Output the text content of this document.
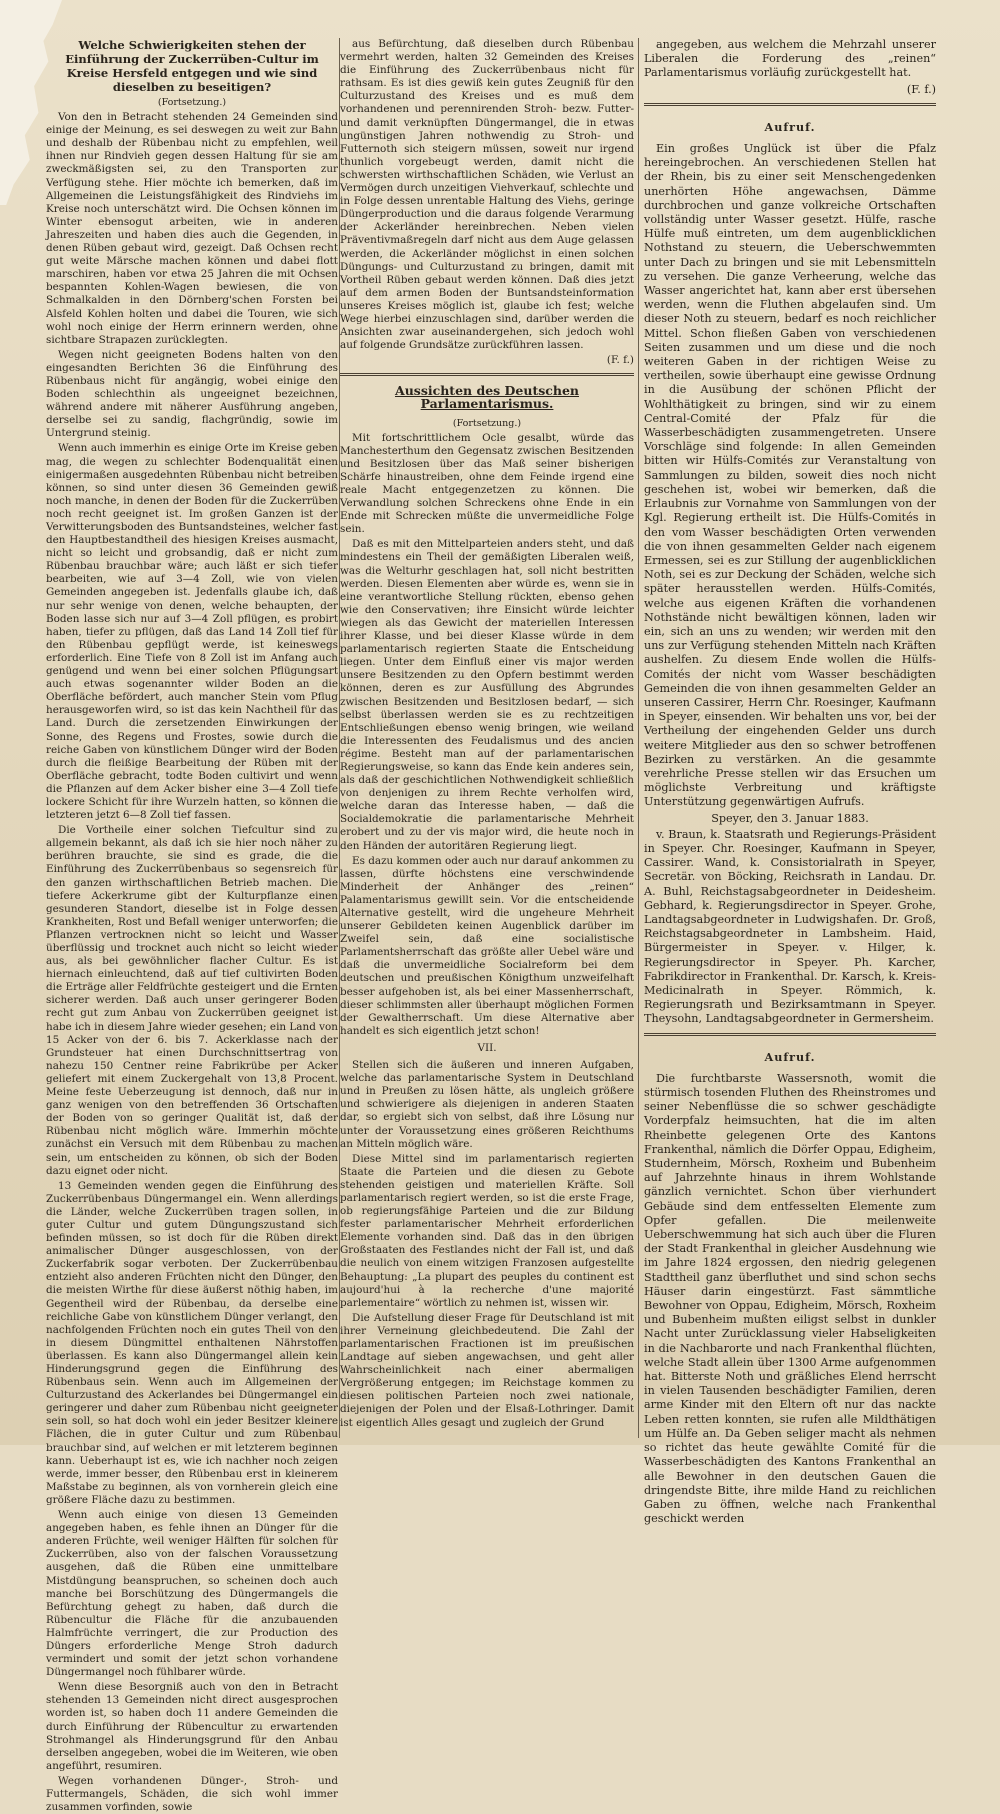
Welche Schwierigkeiten stehen der Einführung der Zuckerrüben-Cultur im Kreise Hersfeld entgegen und wie sind dieselben zu beseitigen?

(Fortsetzung.)

Von den in Betracht stehenden 24 Gemeinden sind einige der Meinung, es sei deswegen zu weit zur Bahn und deshalb der Rübenbau nicht zu empfehlen, weil ihnen nur Rindvieh gegen dessen Haltung für sie am zweckmäßigsten sei, zu den Transporten zur Verfügung stehe. Hier möchte ich bemerken, daß im Allgemeinen die Leistungsfähigkeit des Rindviehs im Kreise noch unterschätzt wird. Die Ochsen können im Winter ebensogut arbeiten, wie in anderen Jahreszeiten und haben dies auch die Gegenden, in denen Rüben gebaut wird, gezeigt. Daß Ochsen recht gut weite Märsche machen können und dabei flott marschiren, haben vor etwa 25 Jahren die mit Ochsen bespannten Kohlen-Wagen bewiesen, die von Schmalkalden in den Dörnberg'schen Forsten bei Alsfeld Kohlen holten und dabei die Touren, wie sich wohl noch einige der Herrn erinnern werden, ohne sichtbare Strapazen zurücklegten.

Wegen nicht geeigneten Bodens halten von den eingesandten Berichten 36 die Einführung des Rübenbaus nicht für angängig, wobei einige den Boden schlechthin als ungeeignet bezeichnen, während andere mit näherer Ausführung angeben, derselbe sei zu sandig, flachgründig, sowie im Untergrund steinig.

Wenn auch immerhin es einige Orte im Kreise geben mag, die wegen zu schlechter Bodenqualität einen einigermaßen ausgedehnten Rübenbau nicht betreiben können, so sind unter diesen 36 Gemeinden gewiß noch manche, in denen der Boden für die Zuckerrüben noch recht geeignet ist. Im großen Ganzen ist der Verwitterungsboden des Buntsandsteines, welcher fast den Hauptbestandtheil des hiesigen Kreises ausmacht, nicht so leicht und grobsandig, daß er nicht zum Rübenbau brauchbar wäre; auch läßt er sich tiefer bearbeiten, wie auf 3—4 Zoll, wie von vielen Gemeinden angegeben ist. Jedenfalls glaube ich, daß nur sehr wenige von denen, welche behaupten, der Boden lasse sich nur auf 3—4 Zoll pflügen, es probirt haben, tiefer zu pflügen, daß das Land 14 Zoll tief für den Rübenbau gepflügt werde, ist keineswegs erforderlich. Eine Tiefe von 8 Zoll ist im Anfang auch genügend und wenn bei einer solchen Pflügungsart auch etwas sogenannter wilder Boden an die Oberfläche befördert, auch mancher Stein vom Pflug herausgeworfen wird, so ist das kein Nachtheil für das Land. Durch die zersetzenden Einwirkungen der Sonne, des Regens und Frostes, sowie durch die reiche Gaben von künstlichem Dünger wird der Boden durch die fleißige Bearbeitung der Rüben mit der Oberfläche gebracht, todte Boden cultivirt und wenn die Pflanzen auf dem Acker bisher eine 3—4 Zoll tiefe lockere Schicht für ihre Wurzeln hatten, so können die letzteren jetzt 6—8 Zoll tief fassen.

Die Vortheile einer solchen Tiefcultur sind zu allgemein bekannt, als daß ich sie hier noch näher zu berühren brauchte, sie sind es grade, die die Einführung des Zuckerrübenbaus so segensreich für den ganzen wirthschaftlichen Betrieb machen. Die tiefere Ackerkrume gibt der Kulturpflanze einen gesunderen Standort, dieselbe ist in Folge dessen Krankheiten, Rost und Befall weniger unterworfen; die Pflanzen vertrocknen nicht so leicht und Wasser überflüssig und trocknet auch nicht so leicht wieder aus, als bei gewöhnlicher flacher Cultur. Es ist hiernach einleuchtend, daß auf tief cultivirten Boden die Erträge aller Feldfrüchte gesteigert und die Ernten sicherer werden. Daß auch unser geringerer Boden recht gut zum Anbau von Zuckerrüben geeignet ist habe ich in diesem Jahre wieder gesehen; ein Land von 15 Acker von der 6. bis 7. Ackerklasse nach der Grundsteuer hat einen Durchschnittsertrag von nahezu 150 Centner reine Fabrikrübe per Acker geliefert mit einem Zuckergehalt von 13,8 Procent. Meine feste Ueberzeugung ist dennoch, daß nur in ganz wenigen von den betreffenden 36 Ortschaften der Boden von so geringer Qualität ist, daß der Rübenbau nicht möglich wäre. Immerhin möchte zunächst ein Versuch mit dem Rübenbau zu machen sein, um entscheiden zu können, ob sich der Boden dazu eignet oder nicht.

13 Gemeinden wenden gegen die Einführung des Zuckerrübenbaus Düngermangel ein. Wenn allerdings die Länder, welche Zuckerrüben tragen sollen, in guter Cultur und gutem Düngungszustand sich befinden müssen, so ist doch für die Rüben direkt animalischer Dünger ausgeschlossen, von der Zuckerfabrik sogar verboten. Der Zuckerrübenbau entzieht also anderen Früchten nicht den Dünger, den die meisten Wirthe für diese äußerst nöthig haben, im Gegentheil wird der Rübenbau, da derselbe eine reichliche Gabe von künstlichem Dünger verlangt, den nachfolgenden Früchten noch ein gutes Theil von den in diesem Düngmittel enthaltenen Nährstoffen überlassen. Es kann also Düngermangel allein kein Hinderungsgrund gegen die Einführung des Rübenbaus sein. Wenn auch im Allgemeinen der Culturzustand des Ackerlandes bei Düngermangel ein geringerer und daher zum Rübenbau nicht geeigneter sein soll, so hat doch wohl ein jeder Besitzer kleinere Flächen, die in guter Cultur und zum Rübenbau brauchbar sind, auf welchen er mit letzterem beginnen kann. Ueberhaupt ist es, wie ich nachher noch zeigen werde, immer besser, den Rübenbau erst in kleinerem Maßstabe zu beginnen, als von vornherein gleich eine größere Fläche dazu zu bestimmen.

Wenn auch einige von diesen 13 Gemeinden angegeben haben, es fehle ihnen an Dünger für die anderen Früchte, weil weniger Hälften für solchen für Zuckerrüben, also von der falschen Voraussetzung ausgehen, daß die Rüben eine unmittelbare Mistdüngung beanspruchen, so scheinen doch auch manche bei Borschützung des Düngermangels die Befürchtung gehegt zu haben, daß durch die Rübencultur die Fläche für die anzubauenden Halmfrüchte verringert, die zur Production des Düngers erforderliche Menge Stroh dadurch vermindert und somit der jetzt schon vorhandene Düngermangel noch fühlbarer würde.

Wenn diese Besorgniß auch von den in Betracht stehenden 13 Gemeinden nicht direct ausgesprochen worden ist, so haben doch 11 andere Gemeinden die durch Einführung der Rübencultur zu erwartenden Strohmangel als Hinderungsgrund für den Anbau derselben angegeben, wobei die im Weiteren, wie oben angeführt, resumiren.

Wegen vorhandenen Dünger-, Stroh- und Futtermangels, Schäden, die sich wohl immer zusammen vorfinden, sowie

aus Befürchtung, daß dieselben durch Rübenbau vermehrt werden, halten 32 Gemeinden des Kreises die Einführung des Zuckerrübenbaus nicht für rathsam. Es ist dies gewiß kein gutes Zeugniß für den Culturzustand des Kreises und es muß dem vorhandenen und perennirenden Stroh- bezw. Futter- und damit verknüpften Düngermangel, die in etwas ungünstigen Jahren nothwendig zu Stroh- und Futternoth sich steigern müssen, soweit nur irgend thunlich vorgebeugt werden, damit nicht die schwersten wirthschaftlichen Schäden, wie Verlust an Vermögen durch unzeitigen Viehverkauf, schlechte und in Folge dessen unrentable Haltung des Viehs, geringe Düngerproduction und die daraus folgende Verarmung der Ackerländer hereinbrechen. Neben vielen Präventivmaßregeln darf nicht aus dem Auge gelassen werden, die Ackerländer möglichst in einen solchen Düngungs- und Culturzustand zu bringen, damit mit Vortheil Rüben gebaut werden können. Daß dies jetzt auf dem armen Boden der Buntsandsteinformation unseres Kreises möglich ist, glaube ich fest; welche Wege hierbei einzuschlagen sind, darüber werden die Ansichten zwar auseinandergehen, sich jedoch wohl auf folgende Grundsätze zurückführen lassen.

(F. f.)

Aussichten des Deutschen Parlamentarismus.

(Fortsetzung.)

Mit fortschrittlichem Ocle gesalbt, würde das Manchesterthum den Gegensatz zwischen Besitzenden und Besitzlosen über das Maß seiner bisherigen Schärfe hinaustreiben, ohne dem Feinde irgend eine reale Macht entgegenzetzen zu können. Die Verwandlung solchen Schreckens ohne Ende in ein Ende mit Schrecken müßte die unvermeidliche Folge sein.

Daß es mit den Mittelparteien anders steht, und daß mindestens ein Theil der gemäßigten Liberalen weiß, was die Welturhr geschlagen hat, soll nicht bestritten werden. Diesen Elementen aber würde es, wenn sie in eine verantwortliche Stellung rückten, ebenso gehen wie den Conservativen; ihre Einsicht würde leichter wiegen als das Gewicht der materiellen Interessen ihrer Klasse, und bei dieser Klasse würde in dem parlamentarisch regierten Staate die Entscheidung liegen. Unter dem Einfluß einer vis major werden unsere Besitzenden zu den Opfern bestimmt werden können, deren es zur Ausfüllung des Abgrundes zwischen Besitzenden und Besitzlosen bedarf, — sich selbst überlassen werden sie es zu rechtzeitigen Entschließungen ebenso wenig bringen, wie weiland die Interessenten des Feudalismus und des ancien régime. Besteht man auf der parlamentarischen Regierungsweise, so kann das Ende kein anderes sein, als daß der geschichtlichen Nothwendigkeit schließlich von denjenigen zu ihrem Rechte verholfen wird, welche daran das Interesse haben, — daß die Socialdemokratie die parlamentarische Mehrheit erobert und zu der vis major wird, die heute noch in den Händen der autoritären Regierung liegt.

Es dazu kommen oder auch nur darauf ankommen zu lassen, dürfte höchstens eine verschwindende Minderheit der Anhänger des „reinen“ Palamentarismus gewillt sein. Vor die entscheidende Alternative gestellt, wird die ungeheure Mehrheit unserer Gebildeten keinen Augenblick darüber im Zweifel sein, daß eine socialistische Parlamentsherrschaft das größte aller Uebel wäre und daß die unvermeidliche Socialreform bei dem deutschen und preußischen Königthum unzweifelhaft besser aufgehoben ist, als bei einer Massenherrschaft, dieser schlimmsten aller überhaupt möglichen Formen der Gewaltherrschaft. Um diese Alternative aber handelt es sich eigentlich jetzt schon!

VII.

Stellen sich die äußeren und inneren Aufgaben, welche das parlamentarische System in Deutschland und in Preußen zu lösen hätte, als ungleich größere und schwierigere als diejenigen in anderen Staaten dar, so ergiebt sich von selbst, daß ihre Lösung nur unter der Voraussetzung eines größeren Reichthums an Mitteln möglich wäre.

Diese Mittel sind im parlamentarisch regierten Staate die Parteien und die diesen zu Gebote stehenden geistigen und materiellen Kräfte. Soll parlamentarisch regiert werden, so ist die erste Frage, ob regierungsfähige Parteien und die zur Bildung fester parlamentarischer Mehrheit erforderlichen Elemente vorhanden sind. Daß das in den übrigen Großstaaten des Festlandes nicht der Fall ist, und daß die neulich von einem witzigen Franzosen aufgestellte Behauptung: „La plupart des peuples du continent est aujourd'hui à la recherche d'une majorité parlementaire“ wörtlich zu nehmen ist, wissen wir.

Die Aufstellung dieser Frage für Deutschland ist mit ihrer Verneinung gleichbedeutend. Die Zahl der parlamentarischen Fractionen ist im preußischen Landtage auf sieben angewachsen, und geht aller Wahrscheinlichkeit nach einer abermaligen Vergrößerung entgegen; im Reichstage kommen zu diesen politischen Parteien noch zwei nationale, diejenigen der Polen und der Elsaß-Lothringer. Damit ist eigentlich Alles gesagt und zugleich der Grund

angegeben, aus welchem die Mehrzahl unserer Liberalen die Forderung des „reinen“ Parlamentarismus vorläufig zurückgestellt hat.

(F. f.)

Aufruf.

Ein großes Unglück ist über die Pfalz hereingebrochen. An verschiedenen Stellen hat der Rhein, bis zu einer seit Menschengedenken unerhörten Höhe angewachsen, Dämme durchbrochen und ganze volkreiche Ortschaften vollständig unter Wasser gesetzt. Hülfe, rasche Hülfe muß eintreten, um dem augenblicklichen Nothstand zu steuern, die Ueberschwemmten unter Dach zu bringen und sie mit Lebensmitteln zu versehen. Die ganze Verheerung, welche das Wasser angerichtet hat, kann aber erst übersehen werden, wenn die Fluthen abgelaufen sind. Um dieser Noth zu steuern, bedarf es noch reichlicher Mittel. Schon fließen Gaben von verschiedenen Seiten zusammen und um diese und die noch weiteren Gaben in der richtigen Weise zu vertheilen, sowie überhaupt eine gewisse Ordnung in die Ausübung der schönen Pflicht der Wohlthätigkeit zu bringen, sind wir zu einem Central-Comité der Pfalz für die Wasserbeschädigten zusammengetreten. Unsere Vorschläge sind folgende: In allen Gemeinden bitten wir Hülfs-Comités zur Veranstaltung von Sammlungen zu bilden, soweit dies noch nicht geschehen ist, wobei wir bemerken, daß die Erlaubnis zur Vornahme von Sammlungen von der Kgl. Regierung ertheilt ist. Die Hülfs-Comités in den vom Wasser beschädigten Orten verwenden die von ihnen gesammelten Gelder nach eigenem Ermessen, sei es zur Stillung der augenblicklichen Noth, sei es zur Deckung der Schäden, welche sich später herausstellen werden. Hülfs-Comités, welche aus eigenen Kräften die vorhandenen Nothstände nicht bewältigen können, laden wir ein, sich an uns zu wenden; wir werden mit den uns zur Verfügung stehenden Mitteln nach Kräften aushelfen. Zu diesem Ende wollen die Hülfs-Comités der nicht vom Wasser beschädigten Gemeinden die von ihnen gesammelten Gelder an unseren Cassirer, Herrn Chr. Roesinger, Kaufmann in Speyer, einsenden. Wir behalten uns vor, bei der Vertheilung der eingehenden Gelder uns durch weitere Mitglieder aus den so schwer betroffenen Bezirken zu verstärken. An die gesammte verehrliche Presse stellen wir das Ersuchen um möglichste Verbreitung und kräftigste Unterstützung gegenwärtigen Aufrufs.

Speyer, den 3. Januar 1883.

v. Braun, k. Staatsrath und Regierungs-Präsident in Speyer. Chr. Roesinger, Kaufmann in Speyer, Cassirer. Wand, k. Consistorialrath in Speyer, Secretär. von Böcking, Reichsrath in Landau. Dr. A. Buhl, Reichstagsabgeordneter in Deidesheim. Gebhard, k. Regierungsdirector in Speyer. Grohe, Landtagsabgeordneter in Ludwigshafen. Dr. Groß, Reichstagsabgeordneter in Lambsheim. Haid, Bürgermeister in Speyer. v. Hilger, k. Regierungsdirector in Speyer. Ph. Karcher, Fabrikdirector in Frankenthal. Dr. Karsch, k. Kreis-Medicinalrath in Speyer. Römmich, k. Regierungsrath und Bezirksamtmann in Speyer. Theysohn, Landtagsabgeordneter in Germersheim.

Aufruf.

Die furchtbarste Wassersnoth, womit die stürmisch tosenden Fluthen des Rheinstromes und seiner Nebenflüsse die so schwer geschädigte Vorderpfalz heimsuchten, hat die im alten Rheinbette gelegenen Orte des Kantons Frankenthal, nämlich die Dörfer Oppau, Edigheim, Studernheim, Mörsch, Roxheim und Bubenheim auf Jahrzehnte hinaus in ihrem Wohlstande gänzlich vernichtet. Schon über vierhundert Gebäude sind dem entfesselten Elemente zum Opfer gefallen. Die meilenweite Ueberschwemmung hat sich auch über die Fluren der Stadt Frankenthal in gleicher Ausdehnung wie im Jahre 1824 ergossen, den niedrig gelegenen Stadttheil ganz überfluthet und sind schon sechs Häuser darin eingestürzt. Fast sämmtliche Bewohner von Oppau, Edigheim, Mörsch, Roxheim und Bubenheim mußten eiligst selbst in dunkler Nacht unter Zurücklassung vieler Habseligkeiten in die Nachbarorte und nach Frankenthal flüchten, welche Stadt allein über 1300 Arme aufgenommen hat. Bitterste Noth und gräßliches Elend herrscht in vielen Tausenden beschädigter Familien, deren arme Kinder mit den Eltern oft nur das nackte Leben retten konnten, sie rufen alle Mildthätigen um Hülfe an. Da Geben seliger macht als nehmen so richtet das heute gewählte Comité für die Wasserbeschädigten des Kantons Frankenthal an alle Bewohner in den deutschen Gauen die dringendste Bitte, ihre milde Hand zu reichlichen Gaben zu öffnen, welche nach Frankenthal geschickt werden
